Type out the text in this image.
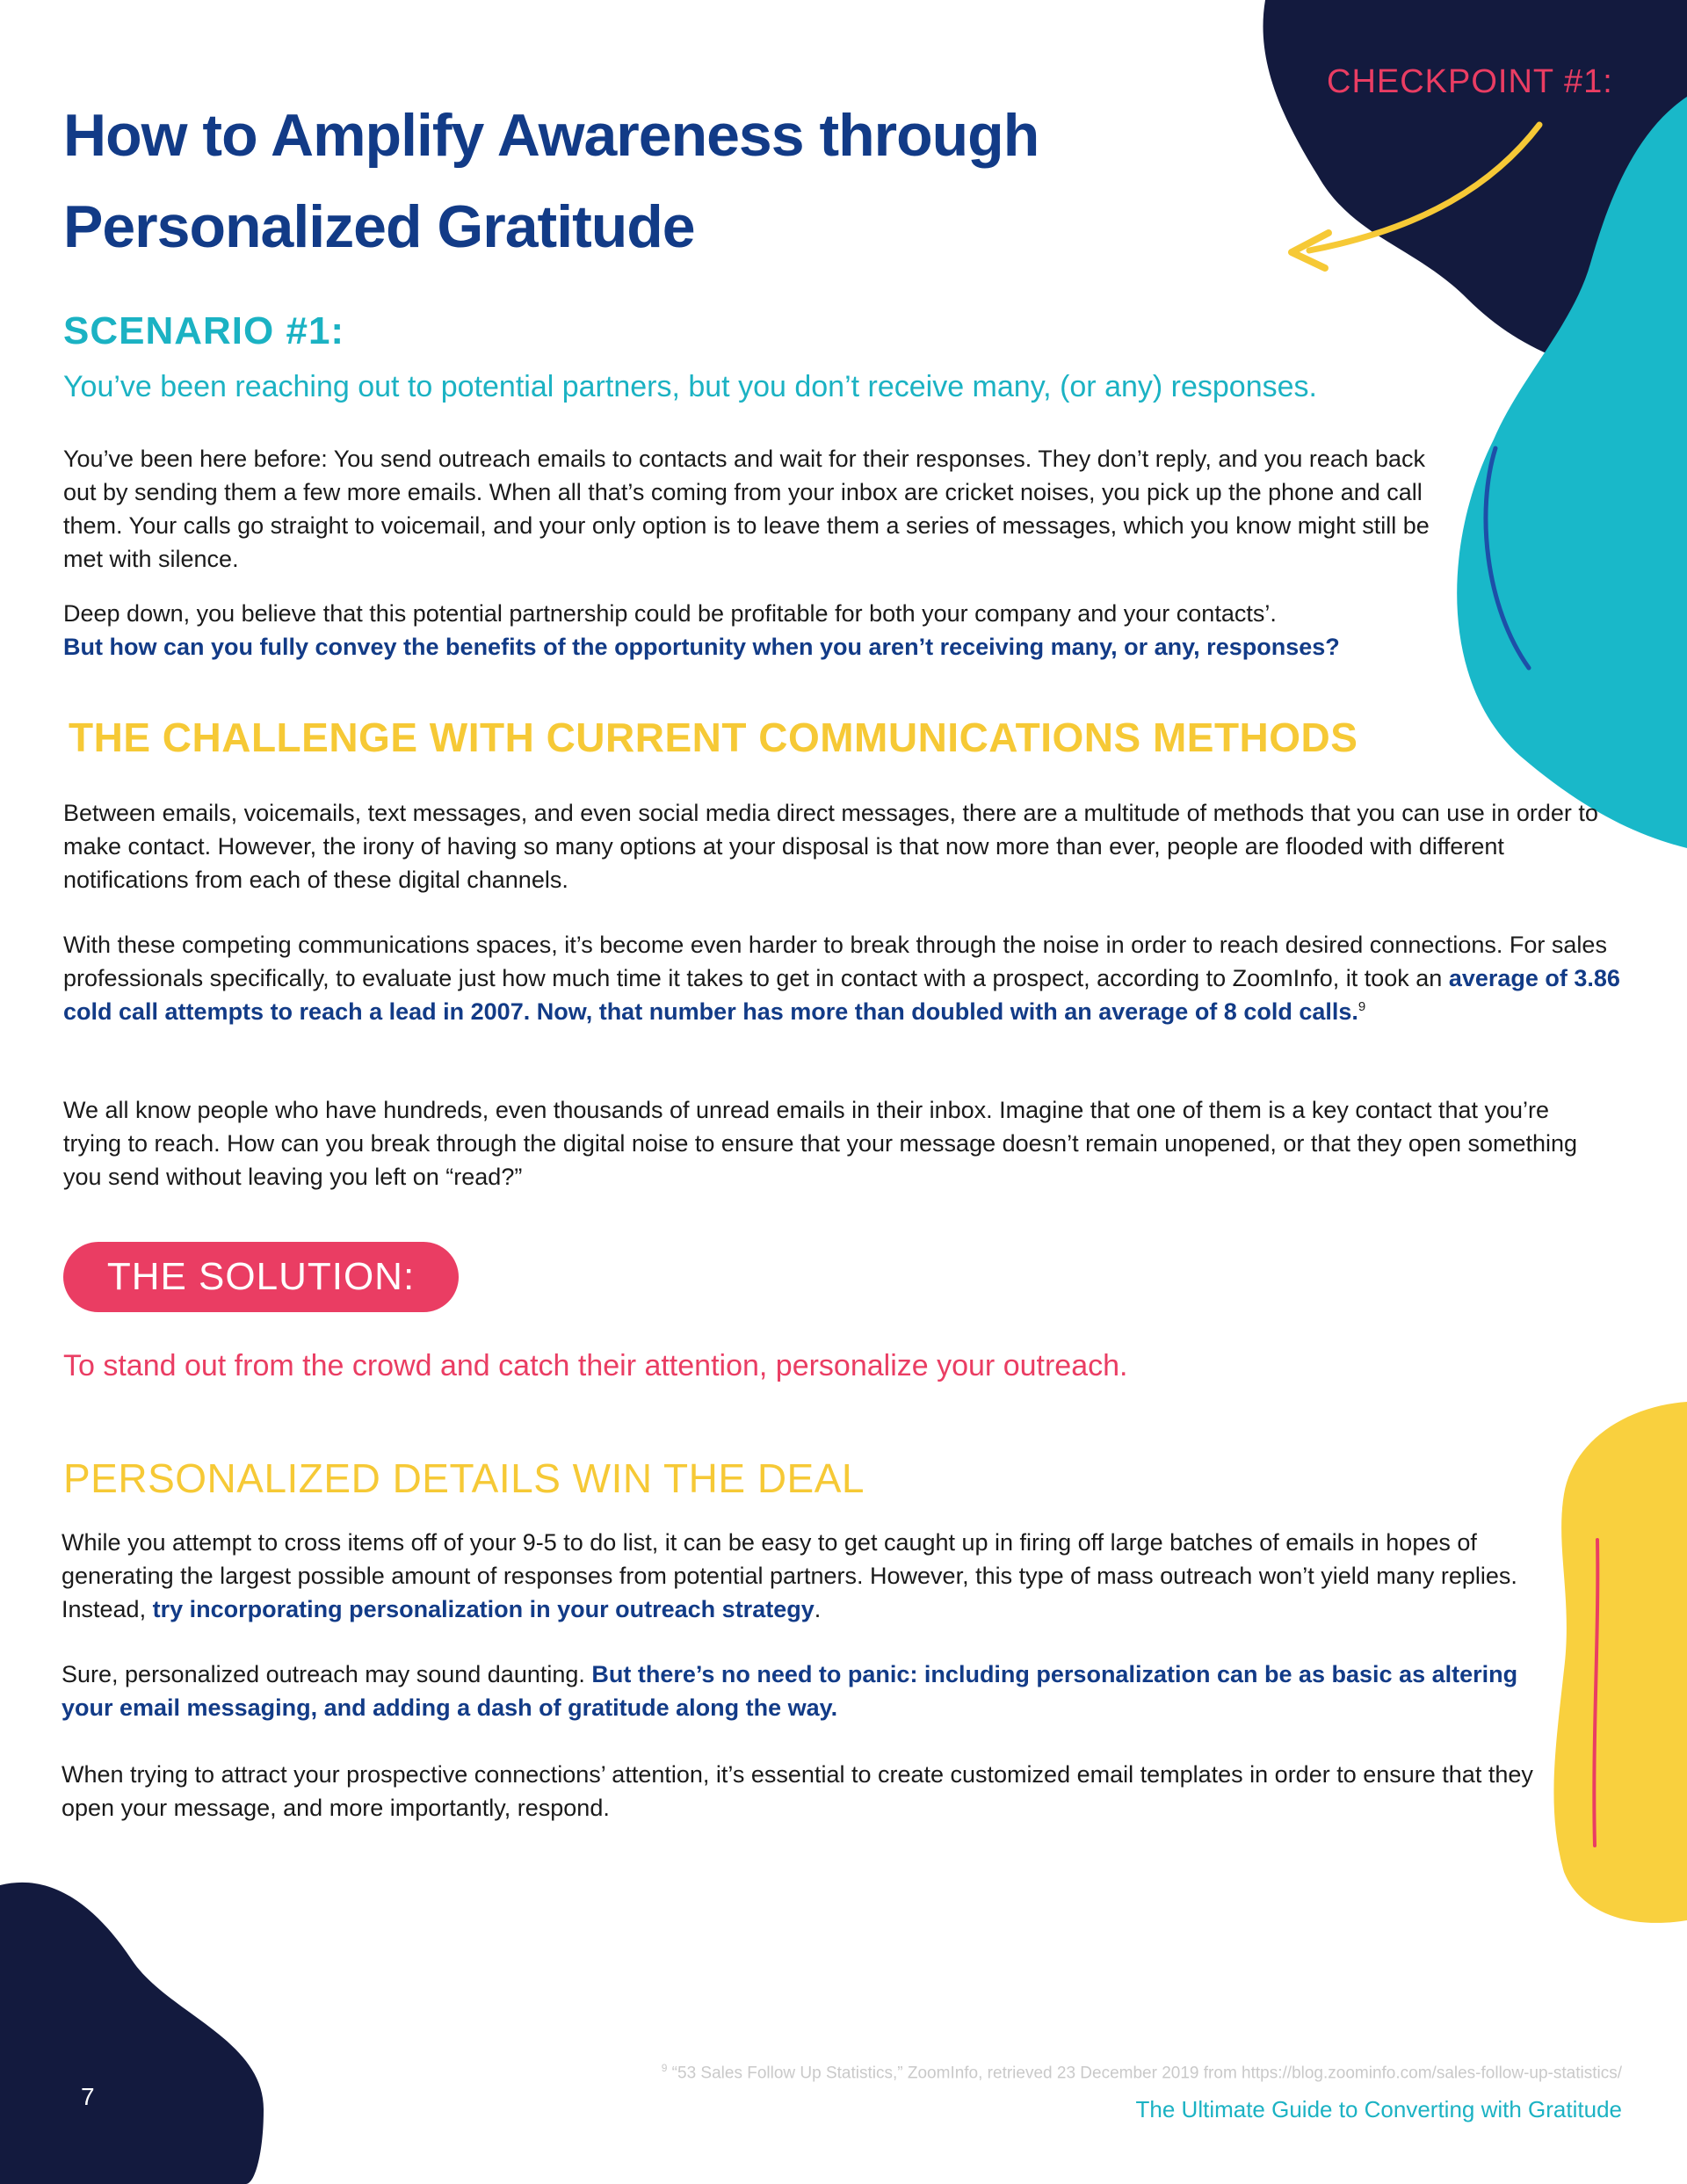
CHECKPOINT #1:
How to Amplify Awareness through
Personalized Gratitude
SCENARIO #1:
You’ve been reaching out to potential partners, but you don’t receive many, (or any) responses.
You’ve been here before: You send outreach emails to contacts and wait for their responses. They don’t reply, and you reach back out by sending them a few more emails. When all that’s coming from your inbox are cricket noises, you pick up the phone and call them. Your calls go straight to voicemail, and your only option is to leave them a series of messages, which you know might still be met with silence.
Deep down, you believe that this potential partnership could be profitable for both your company and your contacts’.
But how can you fully convey the benefits of the opportunity when you aren’t receiving many, or any, responses?
THE CHALLENGE WITH CURRENT COMMUNICATIONS METHODS
Between emails, voicemails, text messages, and even social media direct messages, there are a multitude of methods that you can use in order to make contact. However, the irony of having so many options at your disposal is that now more than ever, people are flooded with different notifications from each of these digital channels.
With these competing communications spaces, it’s become even harder to break through the noise in order to reach desired connections. For sales professionals specifically, to evaluate just how much time it takes to get in contact with a prospect, according to ZoomInfo, it took an average of 3.86 cold call attempts to reach a lead in 2007. Now, that number has more than doubled with an average of 8 cold calls.$^9$
We all know people who have hundreds, even thousands of unread emails in their inbox. Imagine that one of them is a key contact that you’re trying to reach. How can you break through the digital noise to ensure that your message doesn’t remain unopened, or that they open something you send without leaving you left on “read?”
THE SOLUTION:
To stand out from the crowd and catch their attention, personalize your outreach.
PERSONALIZED DETAILS WIN THE DEAL
While you attempt to cross items off of your 9-5 to do list, it can be easy to get caught up in firing off large batches of emails in hopes of generating the largest possible amount of responses from potential partners. However, this type of mass outreach won’t yield many replies. Instead, try incorporating personalization in your outreach strategy.
Sure, personalized outreach may sound daunting. But there’s no need to panic: including personalization can be as basic as altering your email messaging, and adding a dash of gratitude along the way.
When trying to attract your prospective connections’ attention, it’s essential to create customized email templates in order to ensure that they open your message, and more importantly, respond.
7
$^9$ “53 Sales Follow Up Statistics,” ZoomInfo, retrieved 23 December 2019 from https://blog.zoominfo.com/sales-follow-up-statistics/
The Ultimate Guide to Converting with Gratitude
